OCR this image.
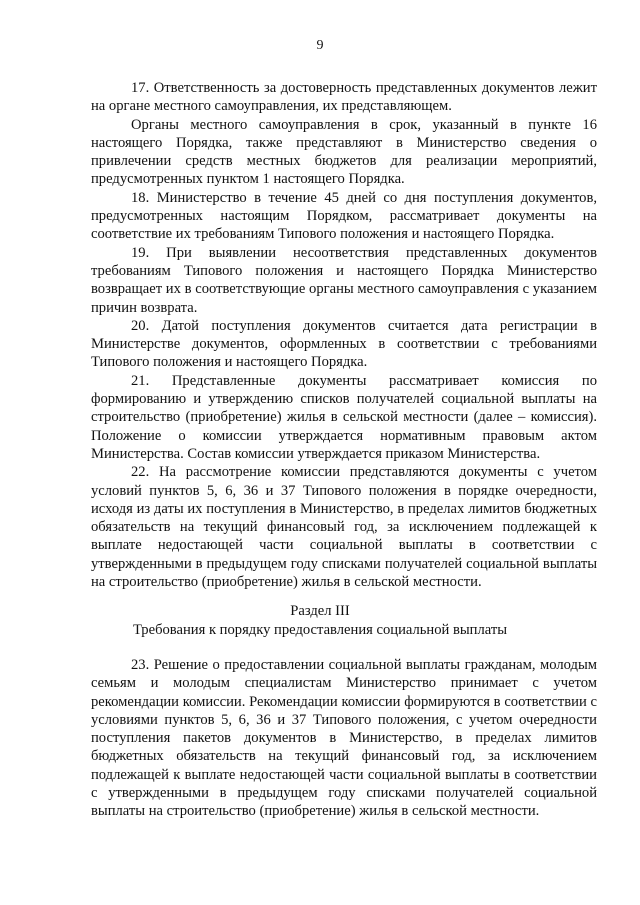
9

17. Ответственность за достоверность представленных документов лежит на органе местного самоуправления, их представляющем.

Органы местного самоуправления в срок, указанный в пункте 16 настоящего Порядка, также представляют в Министерство сведения о привлечении средств местных бюджетов для реализации мероприятий, предусмотренных пунктом 1 настоящего Порядка.

18. Министерство в течение 45 дней со дня поступления документов, предусмотренных настоящим Порядком, рассматривает документы на соответствие их требованиям Типового положения и настоящего Порядка.

19. При выявлении несоответствия представленных документов требованиям Типового положения и настоящего Порядка Министерство возвращает их в соответствующие органы местного самоуправления с указанием причин возврата.

20. Датой поступления документов считается дата регистрации в Министерстве документов, оформленных в соответствии с требованиями Типового положения и настоящего Порядка.

21. Представленные документы рассматривает комиссия по формированию и утверждению списков получателей социальной выплаты на строительство (приобретение) жилья в сельской местности (далее – комиссия). Положение о комиссии утверждается нормативным правовым актом Министерства. Состав комиссии утверждается приказом Министерства.

22. На рассмотрение комиссии представляются документы с учетом условий пунктов 5, 6, 36 и 37 Типового положения в порядке очередности, исходя из даты их поступления в Министерство, в пределах лимитов бюджетных обязательств на текущий финансовый год, за исключением подлежащей к выплате недостающей части социальной выплаты в соответствии с утвержденными в предыдущем году списками получателей социальной выплаты на строительство (приобретение) жилья в сельской местности.

Раздел III
Требования к порядку предоставления социальной выплаты

23. Решение о предоставлении социальной выплаты гражданам, молодым семьям и молодым специалистам Министерство принимает с учетом рекомендации комиссии. Рекомендации комиссии формируются в соответствии с условиями пунктов 5, 6, 36 и 37 Типового положения, с учетом очередности поступления пакетов документов в Министерство, в пределах лимитов бюджетных обязательств на текущий финансовый год, за исключением подлежащей к выплате недостающей части социальной выплаты в соответствии с утвержденными в предыдущем году списками получателей социальной выплаты на строительство (приобретение) жилья в сельской местности.
